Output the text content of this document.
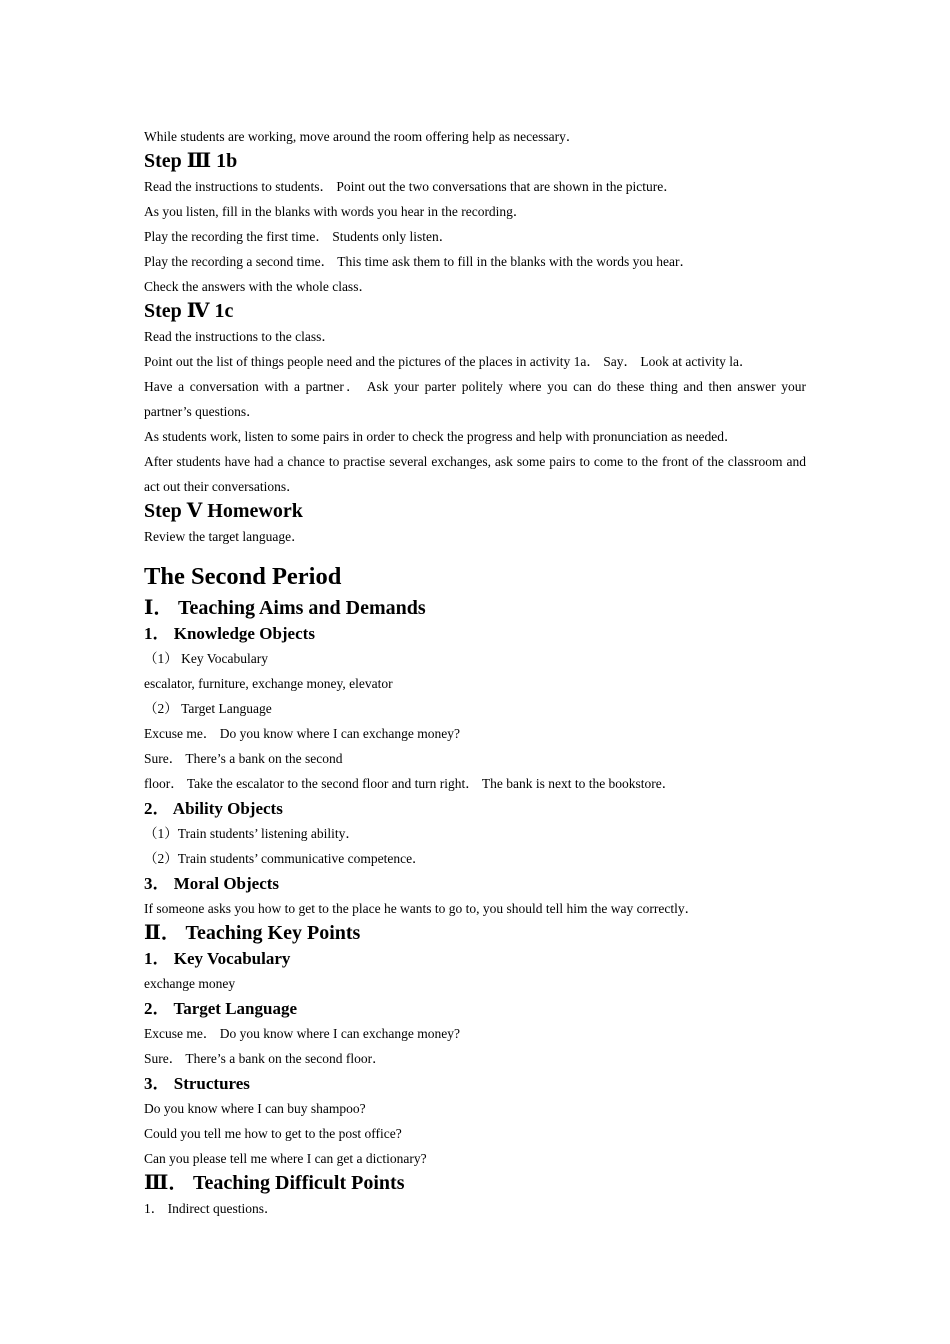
While students are working, move around the room offering help as necessary．

Step Ⅲ 1b

Read the instructions to students． Point out the two conversations that are shown in the picture．

As you listen, fill in the blanks with words you hear in the recording．

Play the recording the first time． Students only listen．

Play the recording a second time． This time ask them to fill in the blanks with the words you hear．

Check the answers with the whole class．

Step Ⅳ 1c

Read the instructions to the class．

Point out the list of things people need and the pictures of the places in activity 1a． Say． Look at activity la．

Have a conversation with a partner． Ask your parter politely where you can do these thing and then answer your partner’s questions．

As students work, listen to some pairs in order to check the progress and help with pronunciation as needed．

After students have had a chance to practise several exchanges, ask some pairs to come to the front of the classroom and act out their conversations．

Step Ⅴ Homework

Review the target language．

The Second Period
Ⅰ． Teaching Aims and Demands
1． Knowledge Objects

（1） Key Vocabulary

escalator, furniture, exchange money, elevator

（2） Target Language

Excuse me． Do you know where I can exchange money?

Sure． There’s a bank on the second

floor． Take the escalator to the second floor and turn right． The bank is next to the bookstore．

2． Ability Objects

（1）Train students’ listening ability．

（2）Train students’ communicative competence．

3． Moral Objects

If someone asks you how to get to the place he wants to go to, you should tell him the way correctly．

Ⅱ． Teaching Key Points
1． Key Vocabulary

exchange money

2． Target Language

Excuse me． Do you know where I can exchange money?

Sure． There’s a bank on the second floor．

3． Structures

Do you know where I can buy shampoo?

Could you tell me how to get to the post office?

Can you please tell me where I can get a dictionary?

Ⅲ． Teaching Difficult Points

1． Indirect questions．
